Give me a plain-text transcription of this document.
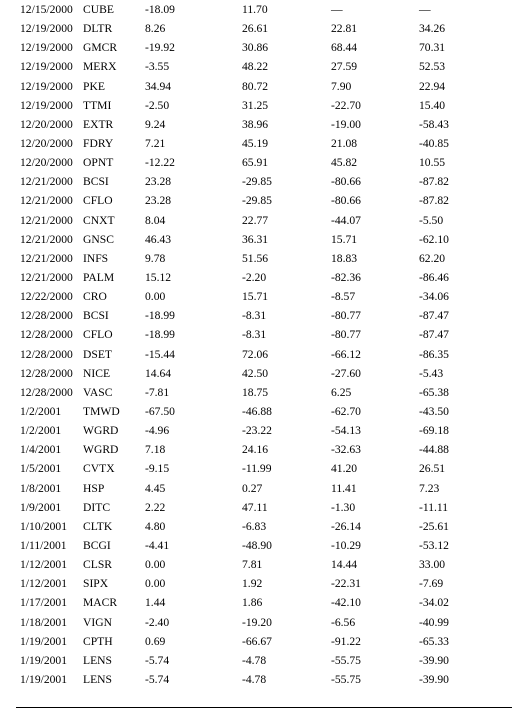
12/15/2000 CUBE	-18.09	11.70	—	—
12/19/2000 DLTR	8.26	26.61	22.81	34.26
12/19/2000 GMCR -19.92	30.86	68.44	70.31
12/19/2000 MERX -3.55	48.22	27.59	52.53
12/19/2000 PKE	34.94	80.72	7.90	22.94
12/19/2000 TTMI	-2.50	31.25	-22.70	15.40
12/20/2000 EXTR	9.24	38.96	-19.00	-58.43
12/20/2000 FDRY	7.21	45.19	21.08	-40.85
12/20/2000 OPNT	-12.22	65.91	45.82	10.55
12/21/2000 BCSI	23.28	-29.85	-80.66	-87.82
12/21/2000 CFLO	23.28	-29.85	-80.66	-87.82
12/21/2000 CNXT	8.04	22.77	-44.07	-5.50
12/21/2000 GNSC	46.43	36.31	15.71	-62.10
12/21/2000 INFS	9.78	51.56	18.83	62.20
12/21/2000 PALM	15.12	-2.20	-82.36	-86.46
12/22/2000 CRO	0.00	15.71	-8.57	-34.06
12/28/2000 BCSI	-18.99	-8.31	-80.77	-87.47
12/28/2000 CFLO	-18.99	-8.31	-80.77	-87.47
12/28/2000 DSET	-15.44	72.06	-66.12	-86.35
12/28/2000 NICE	14.64	42.50	-27.60	-5.43
12/28/2000 VASC	-7.81	18.75	6.25	-65.38
1/2/2001 TMWD -67.50	-46.88	-62.70	-43.50
1/2/2001 WGRD -4.96	-23.22	-54.13	-69.18
1/4/2001 WGRD 7.18	24.16	-32.63	-44.88
1/5/2001 CVTX	-9.15	-11.99	41.20	26.51
1/8/2001 HSP	4.45	0.27	11.41	7.23
1/9/2001 DITC	2.22	47.11	-1.30	-11.11
1/10/2001 CLTK	4.80	-6.83	-26.14	-25.61
1/11/2001 BCGI	-4.41	-48.90	-10.29	-53.12
1/12/2001 CLSR	0.00	7.81	14.44	33.00
1/12/2001 SIPX	0.00	1.92	-22.31	-7.69
1/17/2001 MACR 1.44	1.86	-42.10	-34.02
1/18/2001 VIGN	-2.40	-19.20	-6.56	-40.99
1/19/2001 CPTH	0.69	-66.67	-91.22	-65.33
1/19/2001 LENS	-5.74	-4.78	-55.75	-39.90
1/19/2001 LENS	-5.74	-4.78	-55.75	-39.90
